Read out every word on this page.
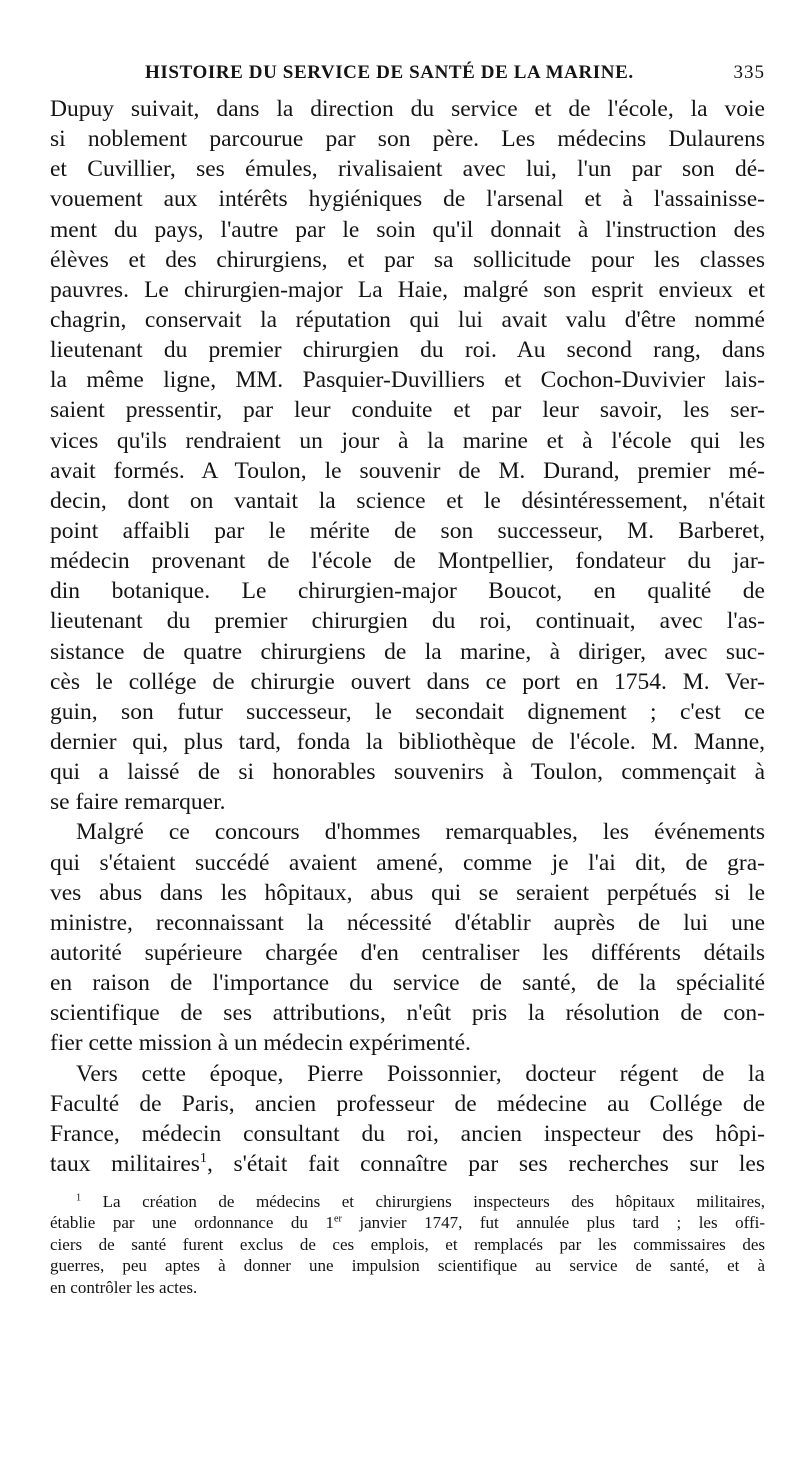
HISTOIRE DU SERVICE DE SANTÉ DE LA MARINE.	335
Dupuy suivait, dans la direction du service et de l'école, la voie
si noblement parcourue par son père. Les médecins Dulaurens
et Cuvillier, ses émules, rivalisaient avec lui, l'un par son dé-
vouement aux intérêts hygiéniques de l'arsenal et à l'assainisse-
ment du pays, l'autre par le soin qu'il donnait à l'instruction des
élèves et des chirurgiens, et par sa sollicitude pour les classes
pauvres. Le chirurgien-major La Haie, malgré son esprit envieux et
chagrin, conservait la réputation qui lui avait valu d'être nommé
lieutenant du premier chirurgien du roi. Au second rang, dans
la même ligne, MM. Pasquier-Duvilliers et Cochon-Duvivier lais-
saient pressentir, par leur conduite et par leur savoir, les ser-
vices qu'ils rendraient un jour à la marine et à l'école qui les
avait formés. A Toulon, le souvenir de M. Durand, premier mé-
decin, dont on vantait la science et le désintéressement, n'était
point affaibli par le mérite de son successeur, M. Barberet,
médecin provenant de l'école de Montpellier, fondateur du jar-
din botanique. Le chirurgien-major Boucot, en qualité de
lieutenant du premier chirurgien du roi, continuait, avec l'as-
sistance de quatre chirurgiens de la marine, à diriger, avec suc-
cès le collége de chirurgie ouvert dans ce port en 1754. M. Ver-
guin, son futur successeur, le secondait dignement ; c'est ce
dernier qui, plus tard, fonda la bibliothèque de l'école. M. Manne,
qui a laissé de si honorables souvenirs à Toulon, commençait à
se faire remarquer.
Malgré ce concours d'hommes remarquables, les événements
qui s'étaient succédé avaient amené, comme je l'ai dit, de gra-
ves abus dans les hôpitaux, abus qui se seraient perpétués si le
ministre, reconnaissant la nécessité d'établir auprès de lui une
autorité supérieure chargée d'en centraliser les différents détails
en raison de l'importance du service de santé, de la spécialité
scientifique de ses attributions, n'eût pris la résolution de con-
fier cette mission à un médecin expérimenté.
Vers cette époque, Pierre Poissonnier, docteur régent de la
Faculté de Paris, ancien professeur de médecine au Collége de
France, médecin consultant du roi, ancien inspecteur des hôpi-
taux militaires$^1$, s'était fait connaître par ses recherches sur les
$^1$ La création de médecins et chirurgiens inspecteurs des hôpitaux militaires,
établie par une ordonnance du 1er janvier 1747, fut annulée plus tard ; les offi-
ciers de santé furent exclus de ces emplois, et remplacés par les commissaires des
guerres, peu aptes à donner une impulsion scientifique au service de santé, et à
en contrôler les actes.
